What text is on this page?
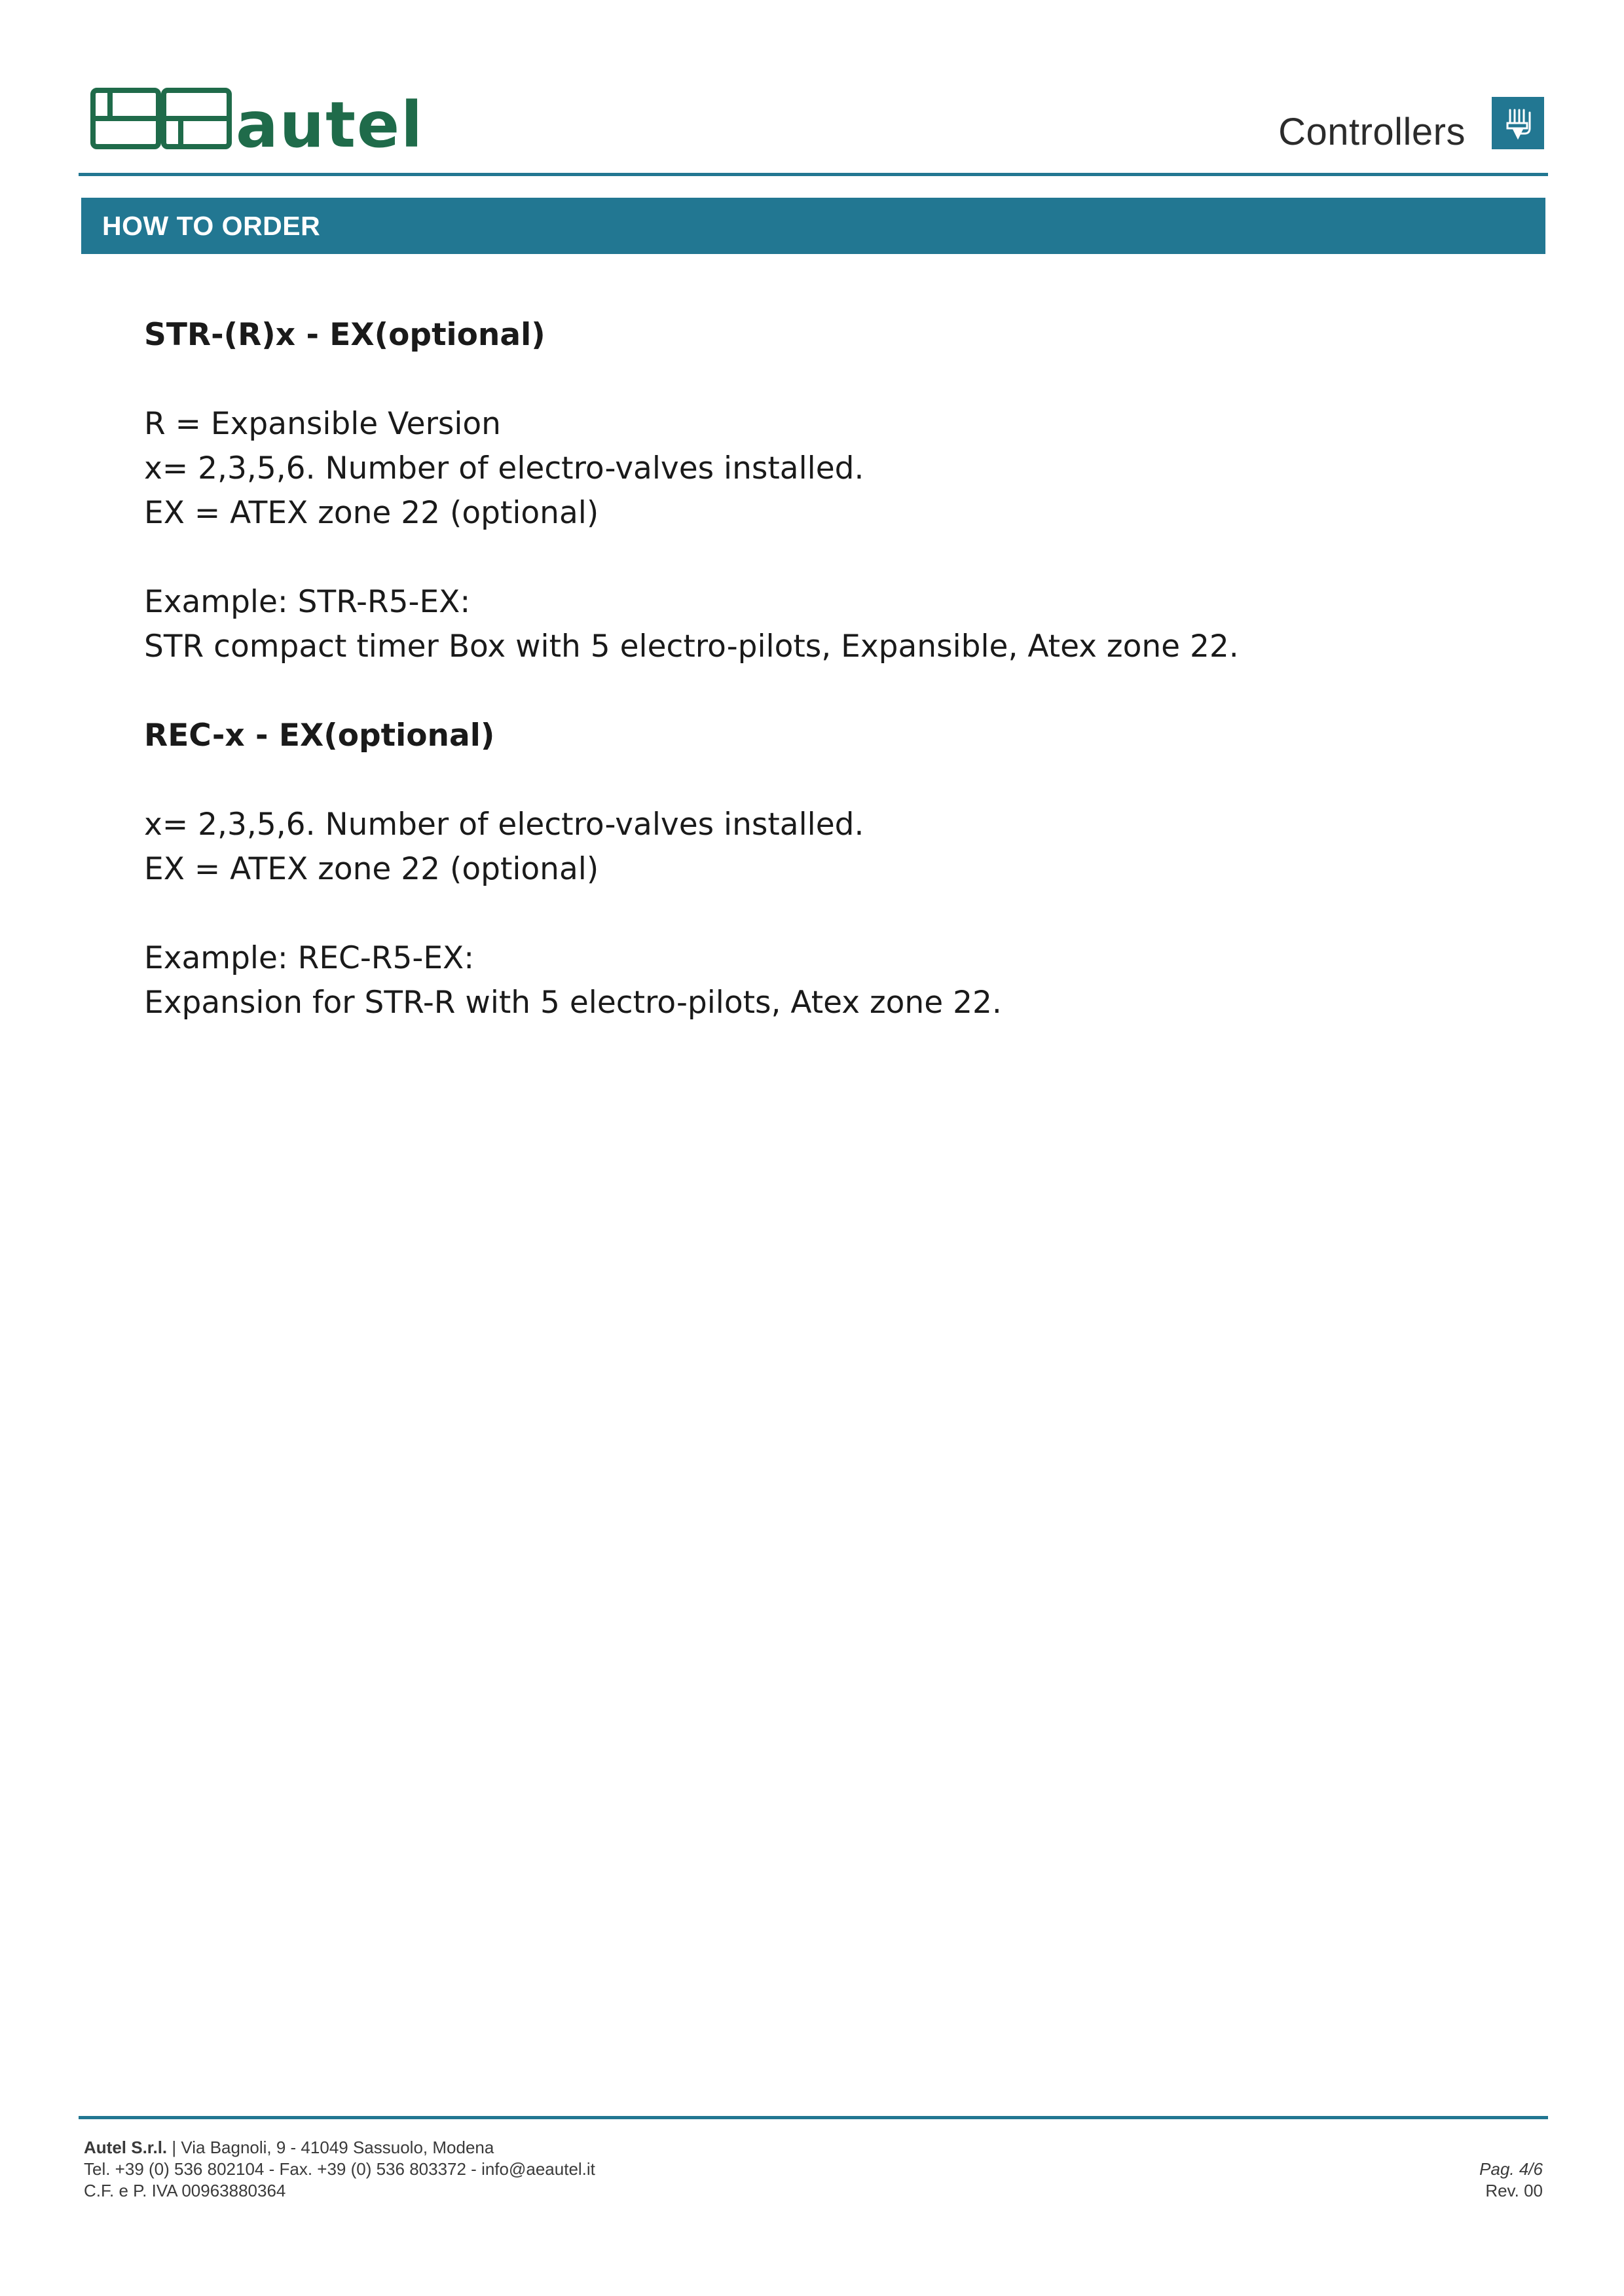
autel	Controllers
HOW TO ORDER
STR-(R)x - EX(optional)
R = Expansible Version
x= 2,3,5,6. Number of electro-valves installed.
EX = ATEX zone 22 (optional)
Example: STR-R5-EX:
STR compact timer Box with 5 electro-pilots, Expansible, Atex zone 22.
REC-x - EX(optional)
x= 2,3,5,6. Number of electro-valves installed.
EX = ATEX zone 22 (optional)
Example: REC-R5-EX:
Expansion for STR-R with 5 electro-pilots, Atex zone 22.
Autel S.r.l. | Via Bagnoli, 9 - 41049 Sassuolo, Modena
Tel. +39 (0) 536 802104 - Fax. +39 (0) 536 803372 - info@aeautel.it
C.F. e P. IVA 00963880364
Pag. 4/6
Rev. 00
